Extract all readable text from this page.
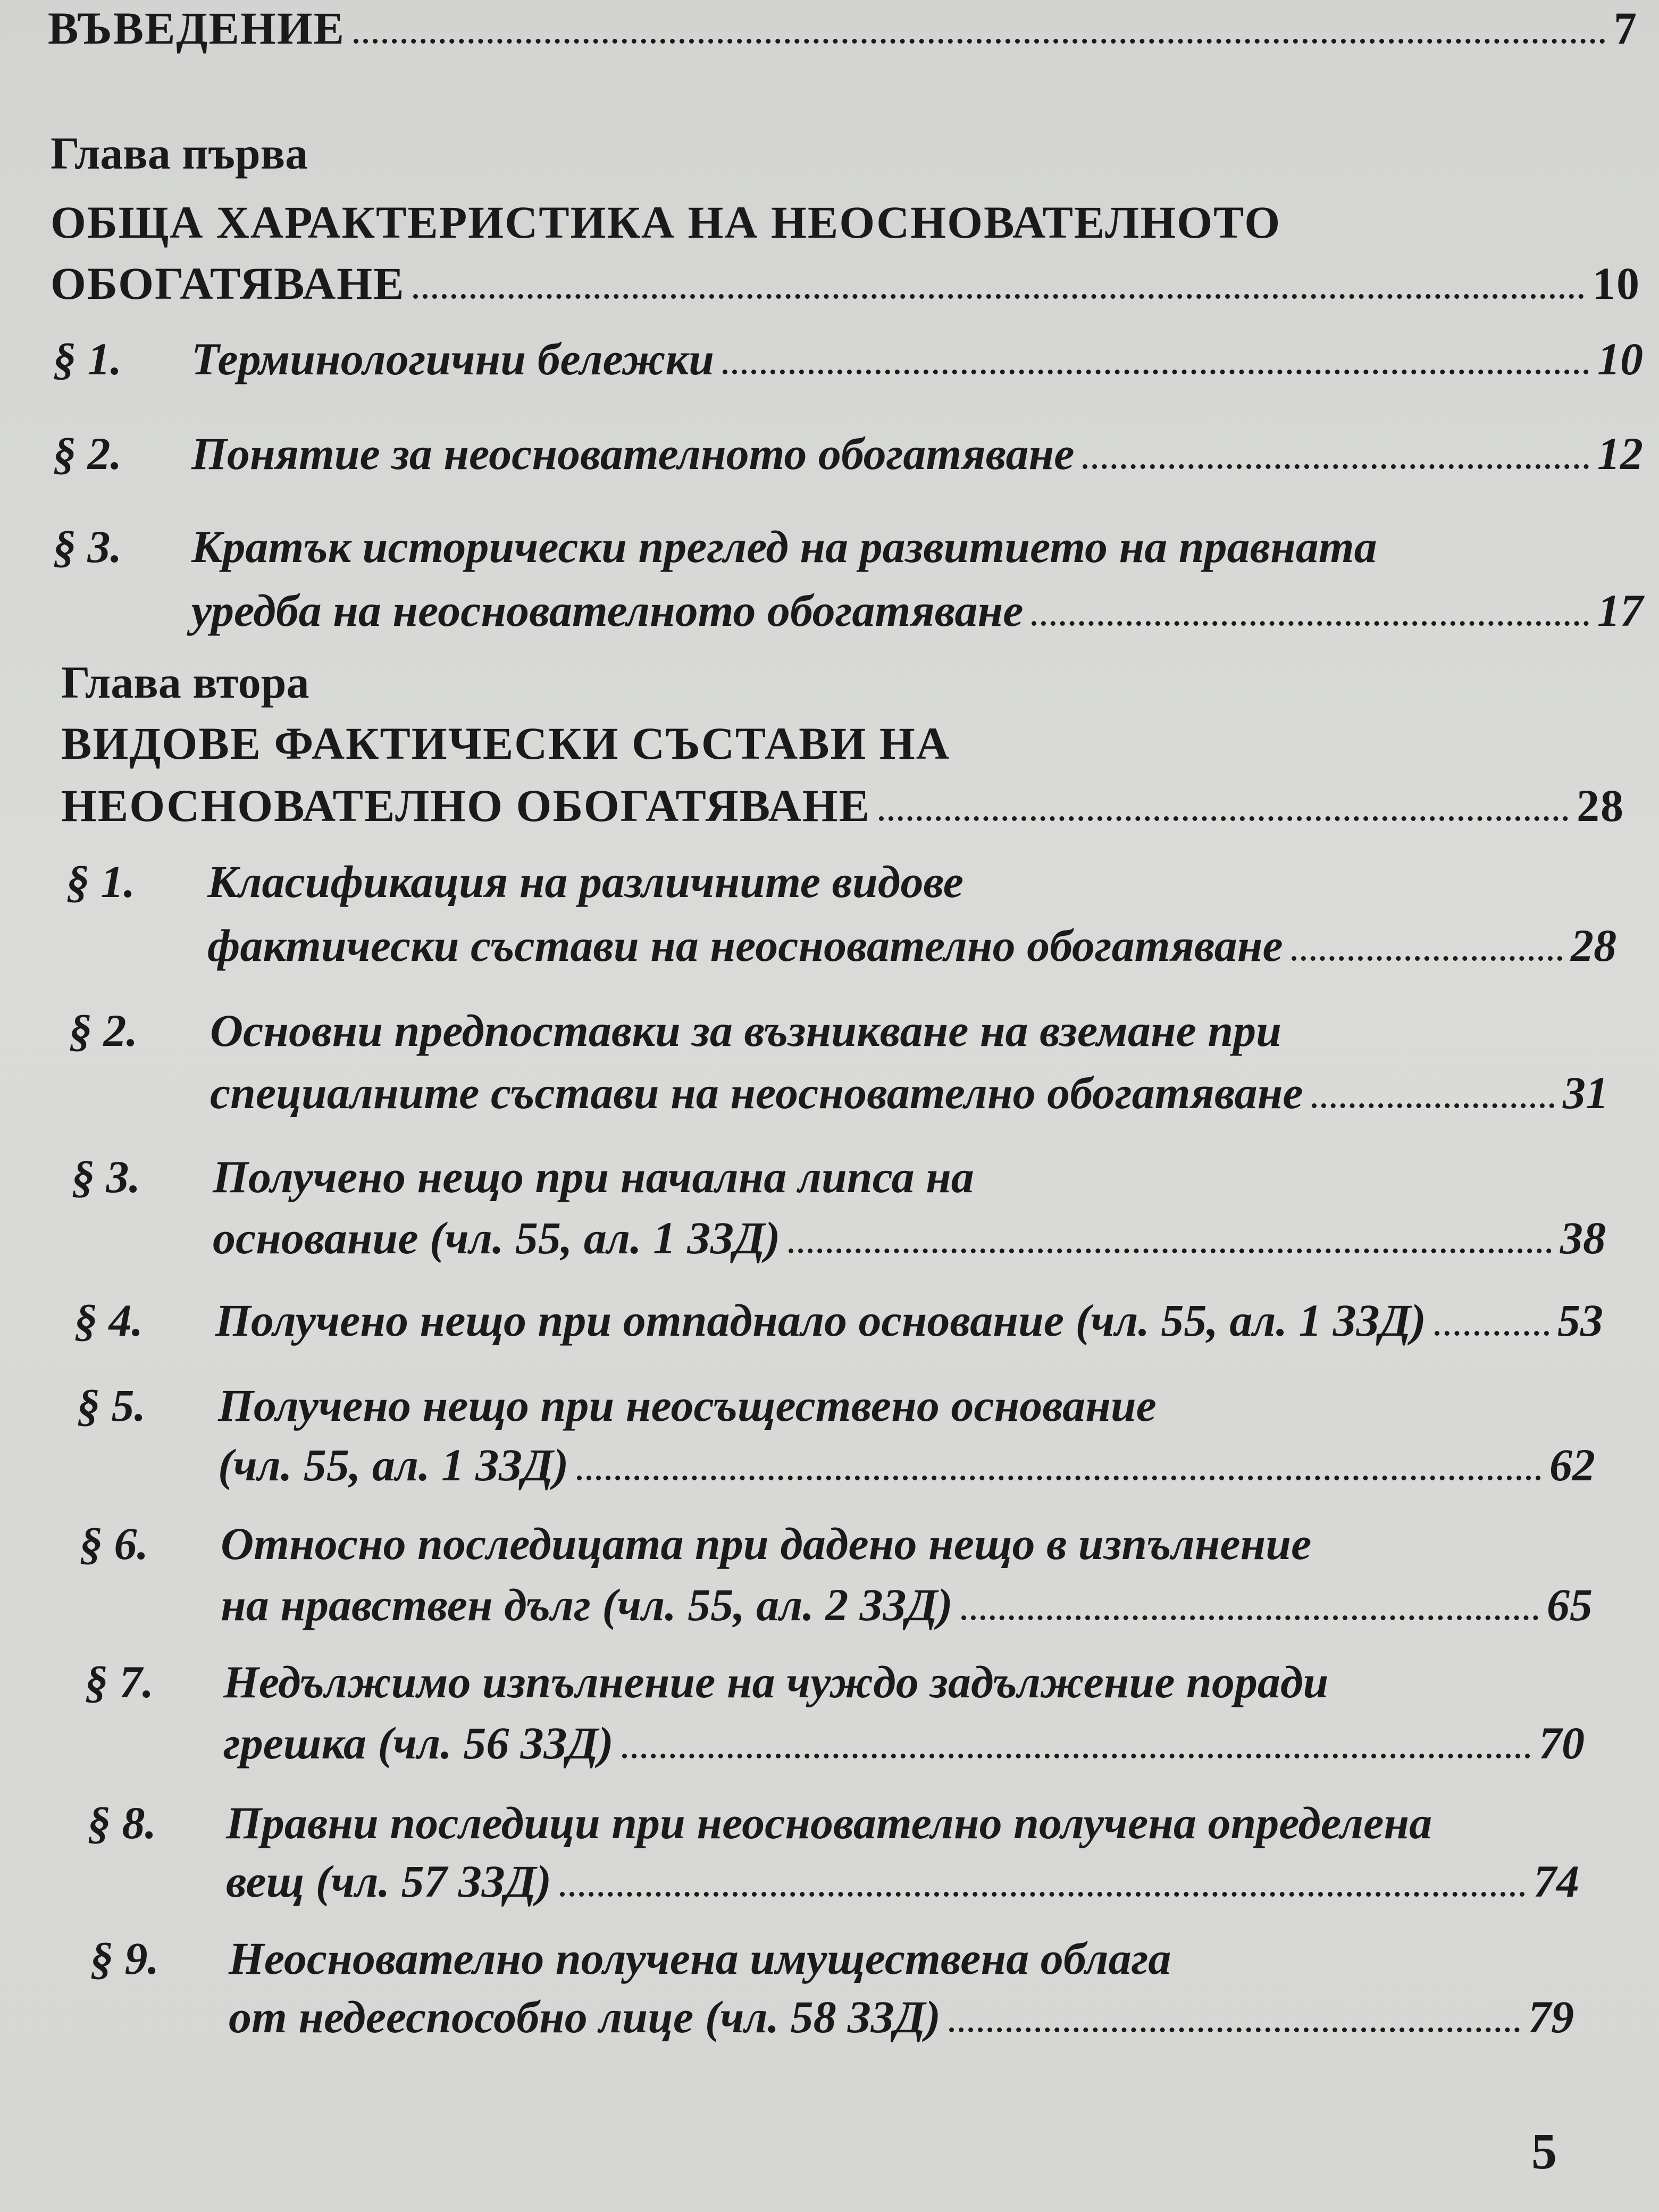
ВЪВЕДЕНИЕ	7
Глава първа
ОБЩА ХАРАКТЕРИСТИКА НА НЕОСНОВАТЕЛНОТО
ОБОГАТЯВАНЕ	10
§ 1. Терминологични бележки	10
§ 2. Понятие за неоснователното обогатяване	12
§ 3. Кратък исторически преглед на развитието на правната
уредба на неоснователното обогатяване	17
Глава втора
ВИДОВЕ ФАКТИЧЕСКИ СЪСТАВИ НА
НЕОСНОВАТЕЛНО ОБОГАТЯВАНЕ	28
§ 1. Класификация на различните видове
фактически състави на неоснователно обогатяване	28
§ 2. Основни предпоставки за възникване на вземане при
специалните състави на неоснователно обогатяване	31
§ 3. Получено нещо при начална липса на
основание (чл. 55, ал. 1 ЗЗД)	38
§ 4. Получено нещо при отпаднало основание (чл. 55, ал. 1 ЗЗД)	53
§ 5. Получено нещо при неосъществено основание
(чл. 55, ал. 1 ЗЗД)	62
§ 6. Относно последицата при дадено нещо в изпълнение
на нравствен дълг (чл. 55, ал. 2 ЗЗД)	65
§ 7. Недължимо изпълнение на чуждо задължение поради
грешка (чл. 56 ЗЗД)	70
§ 8. Правни последици при неоснователно получена определена
вещ (чл. 57 ЗЗД)	74
§ 9. Неоснователно получена имуществена облага
от недееспособно лице (чл. 58 ЗЗД)	79
5
